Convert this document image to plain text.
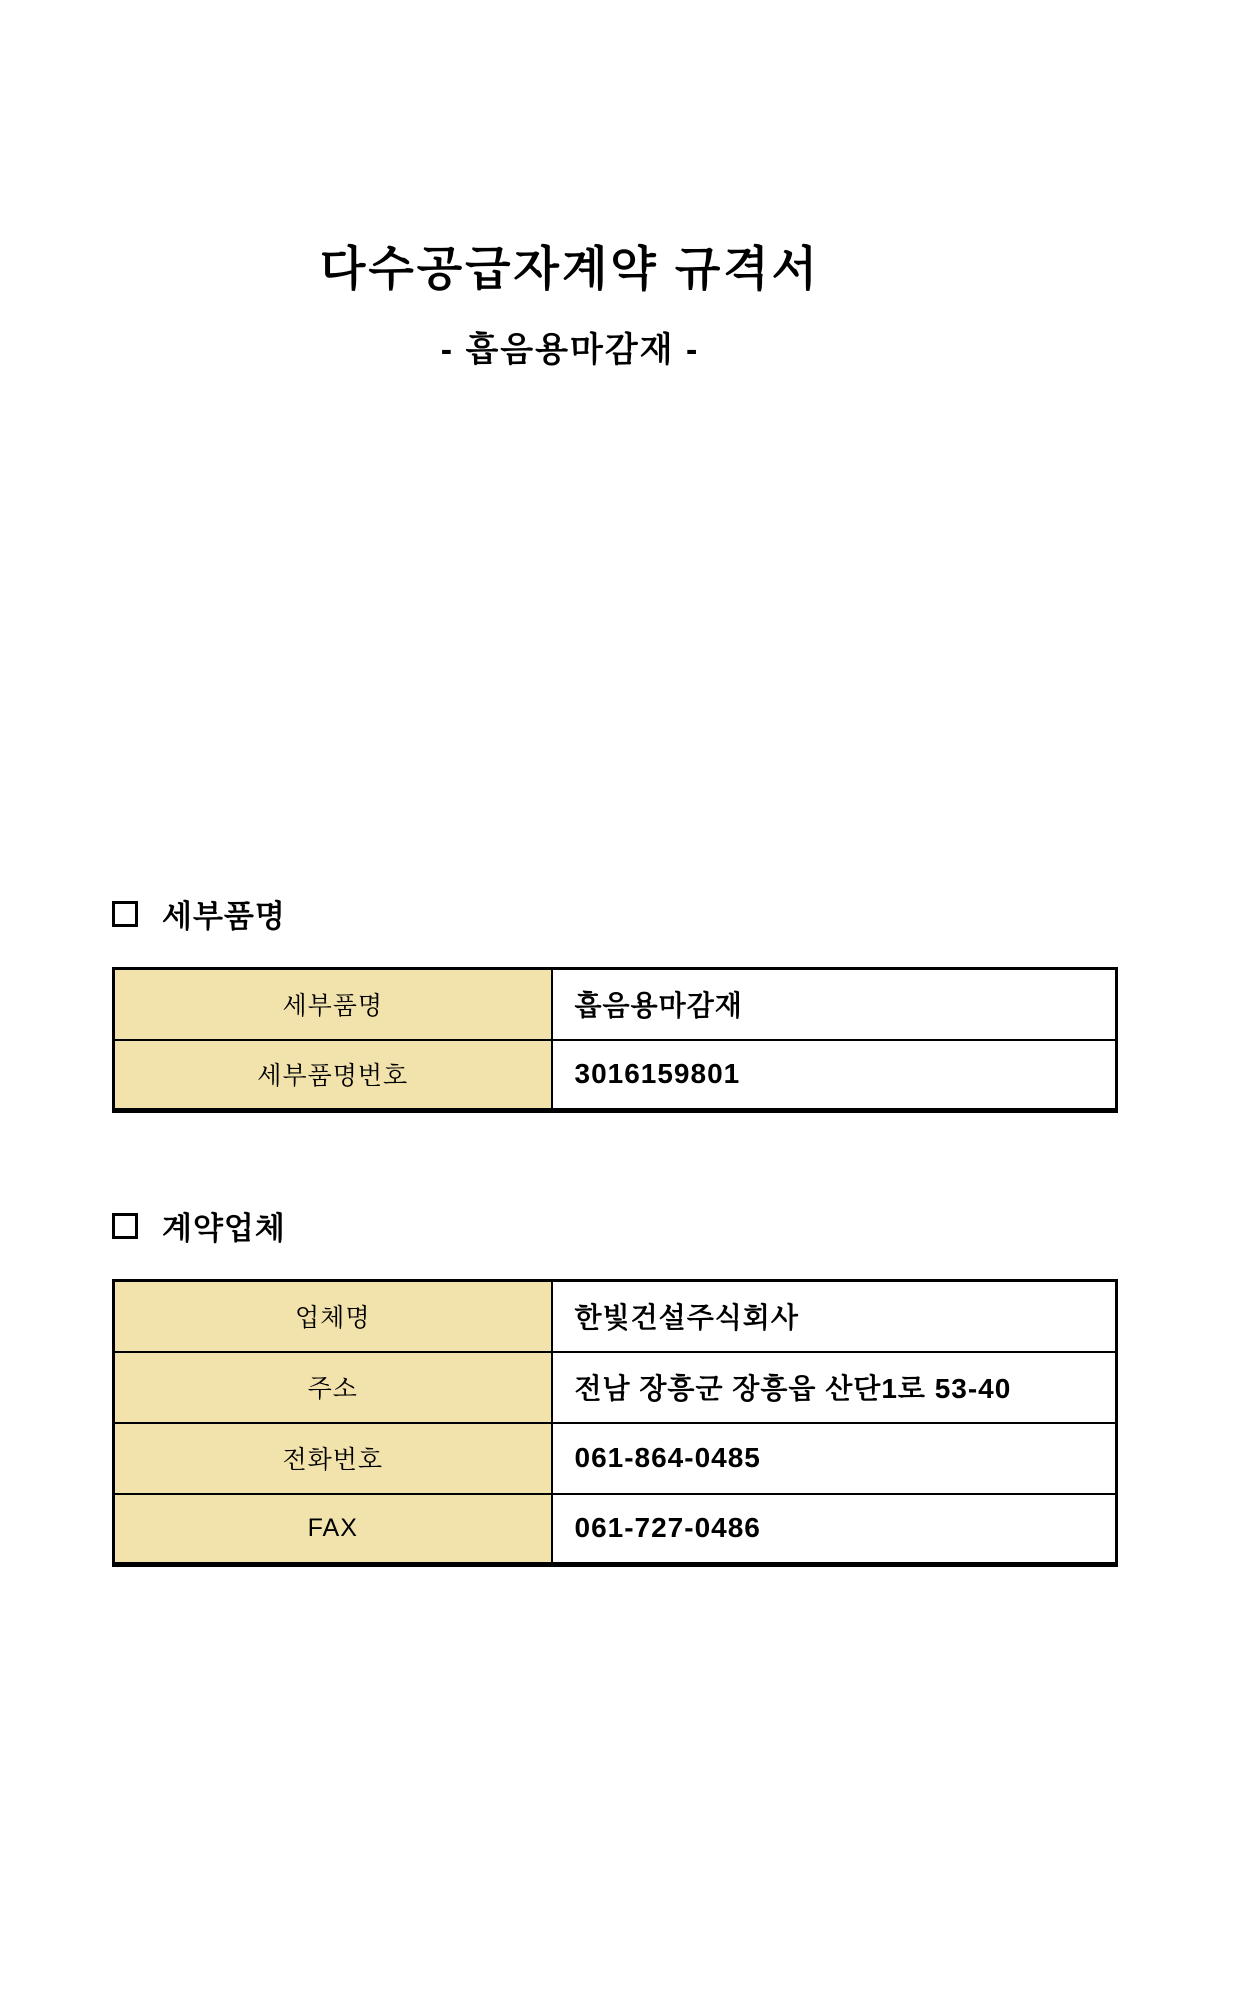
다수공급자계약 규격서
- 흡음용마감재 -
세부품명
세부품명	흡음용마감재
세부품명번호	3016159801
계약업체
업체명	한빛건설주식회사
주소	전남 장흥군 장흥읍 산단1로 53-40
전화번호	061-864-0485
FAX	061-727-0486
